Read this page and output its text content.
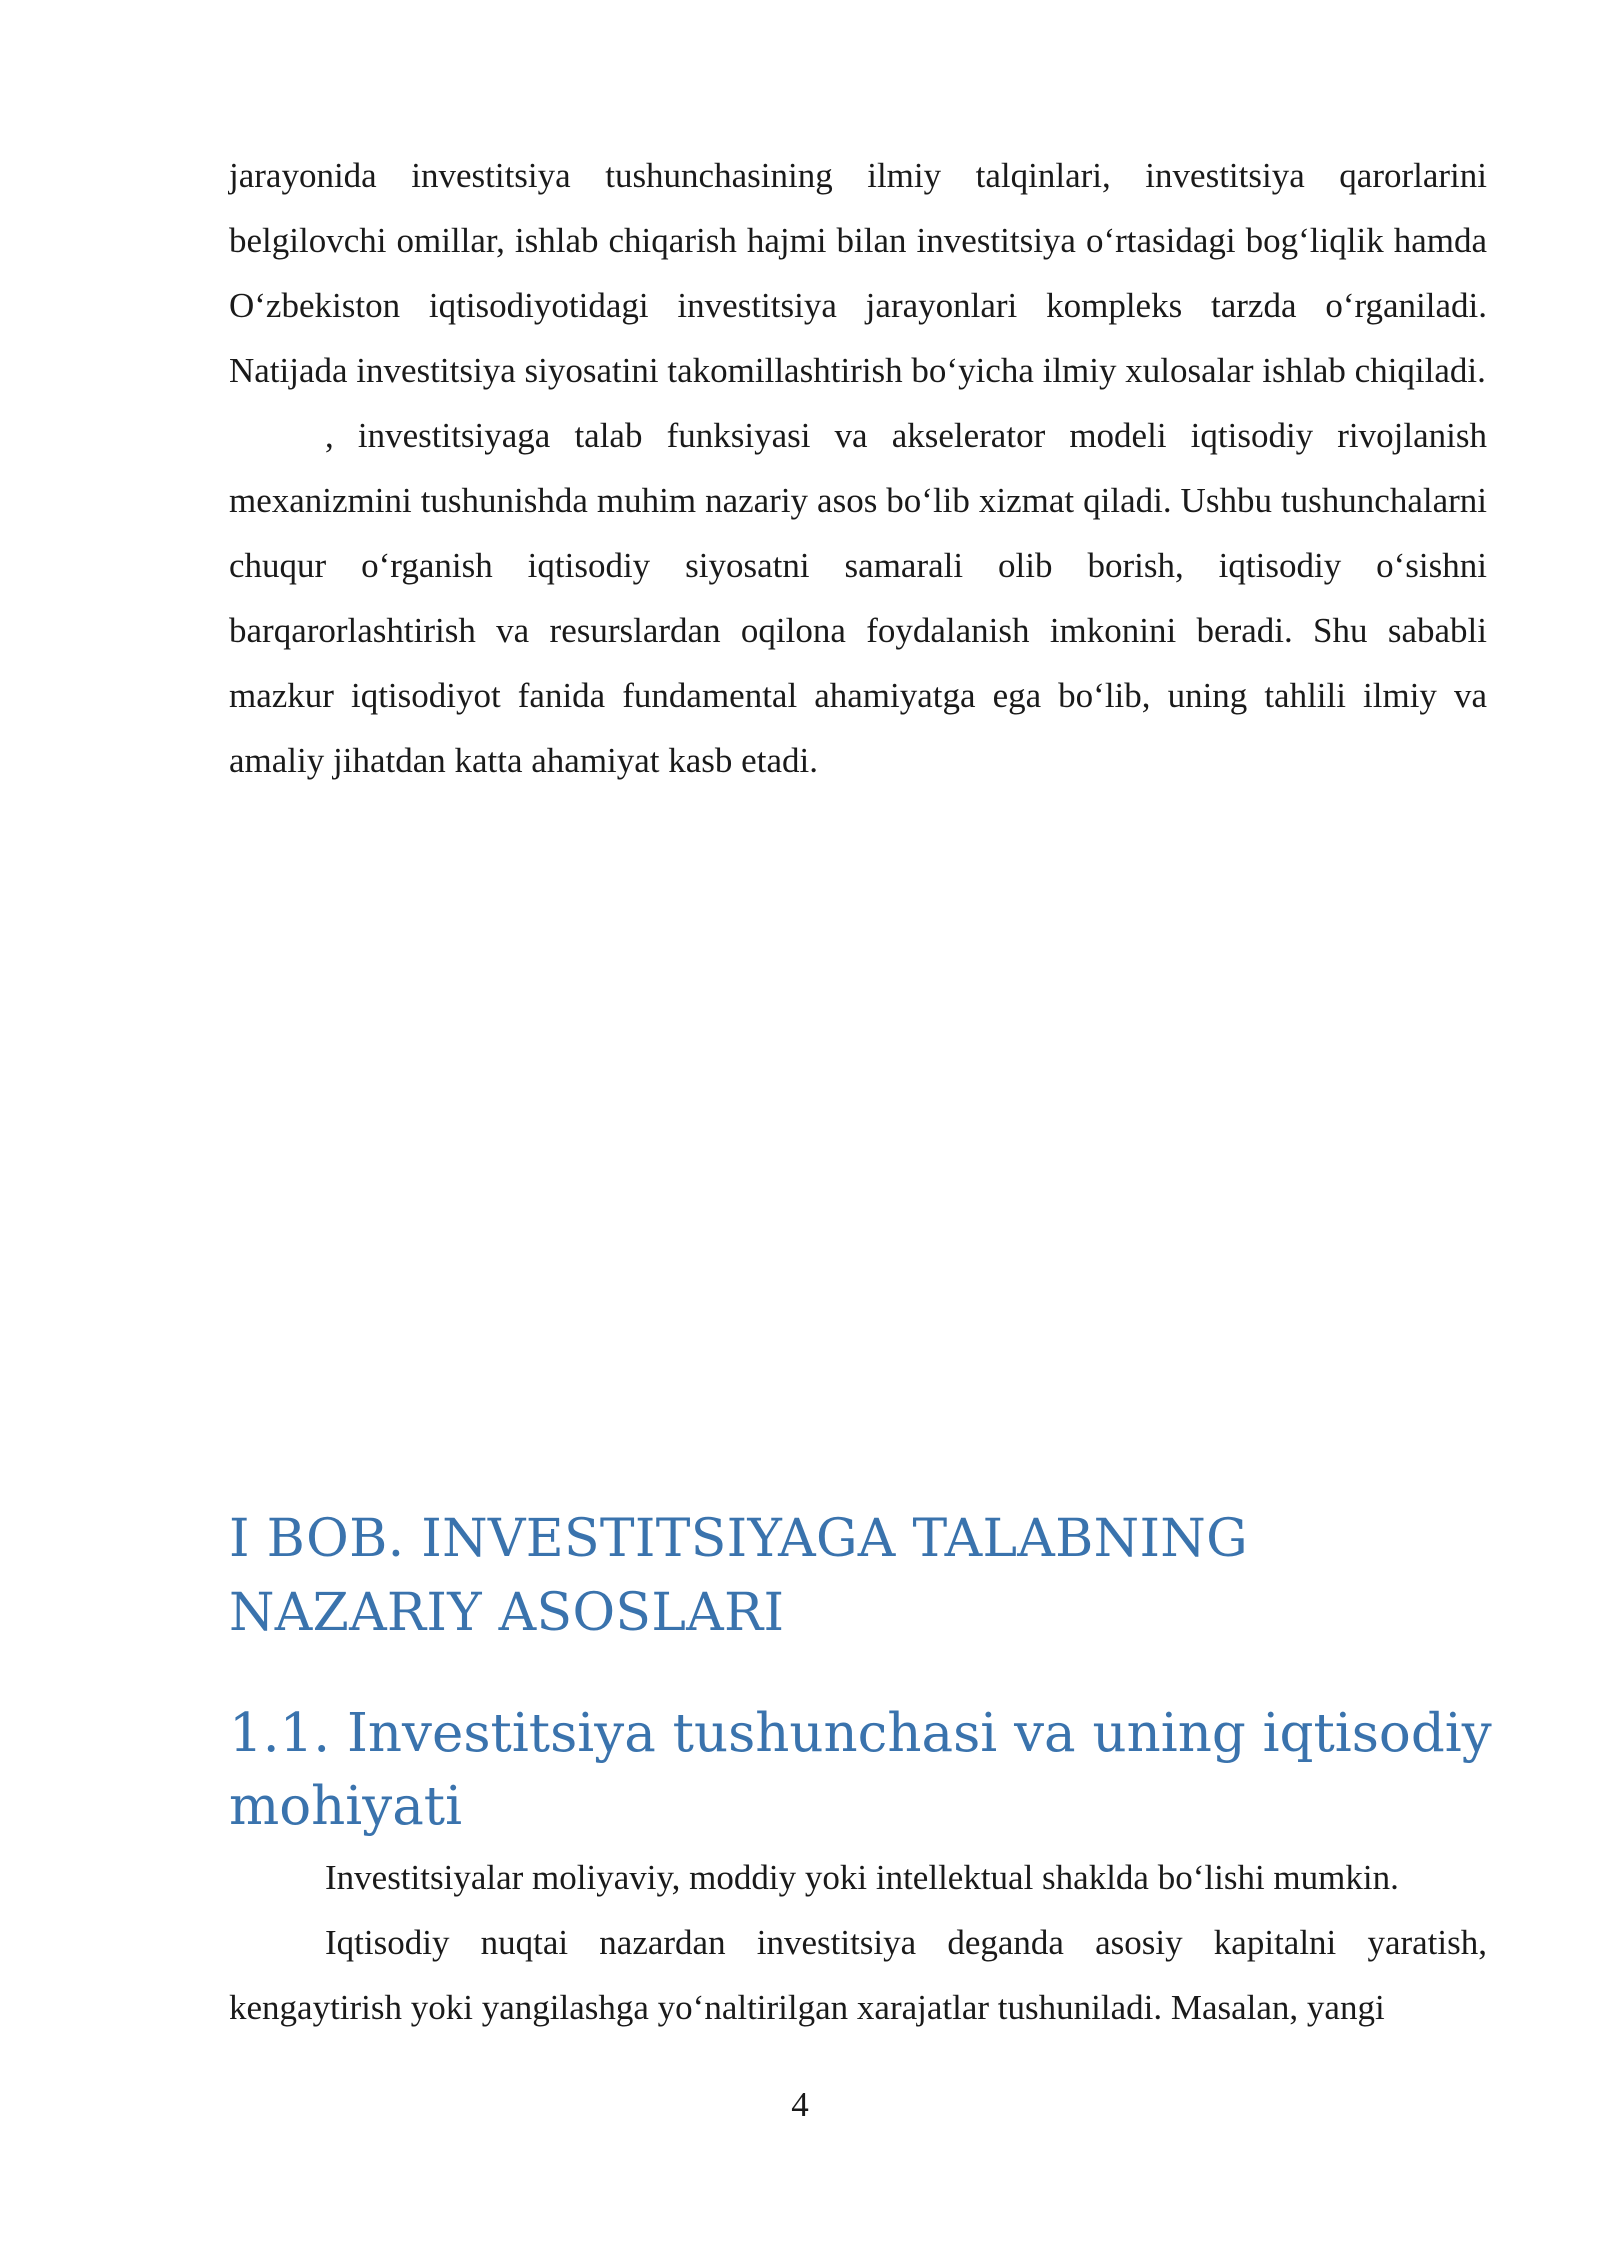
jarayonida investitsiya tushunchasining ilmiy talqinlari, investitsiya qarorlarini belgilovchi omillar, ishlab chiqarish hajmi bilan investitsiya o‘rtasidagi bog‘liqlik hamda O‘zbekiston iqtisodiyotidagi investitsiya jarayonlari kompleks tarzda o‘rganiladi. Natijada investitsiya siyosatini takomillashtirish bo‘yicha ilmiy xulosalar ishlab chiqiladi.

, investitsiyaga talab funksiyasi va akselerator modeli iqtisodiy rivojlanish mexanizmini tushunishda muhim nazariy asos bo‘lib xizmat qiladi. Ushbu tushunchalarni chuqur o‘rganish iqtisodiy siyosatni samarali olib borish, iqtisodiy o‘sishni barqarorlashtirish va resurslardan oqilona foydalanish imkonini beradi. Shu sababli mazkur iqtisodiyot fanida fundamental ahamiyatga ega bo‘lib, uning tahlili ilmiy va amaliy jihatdan katta ahamiyat kasb etadi.

I BOB. INVESTITSIYAGA TALABNING NAZARIY ASOSLARI
1.1. Investitsiya tushunchasi va uning iqtisodiy mohiyati

Investitsiyalar moliyaviy, moddiy yoki intellektual shaklda bo‘lishi mumkin.

Iqtisodiy nuqtai nazardan investitsiya deganda asosiy kapitalni yaratish, kengaytirish yoki yangilashga yo‘naltirilgan xarajatlar tushuniladi. Masalan, yangi

4
